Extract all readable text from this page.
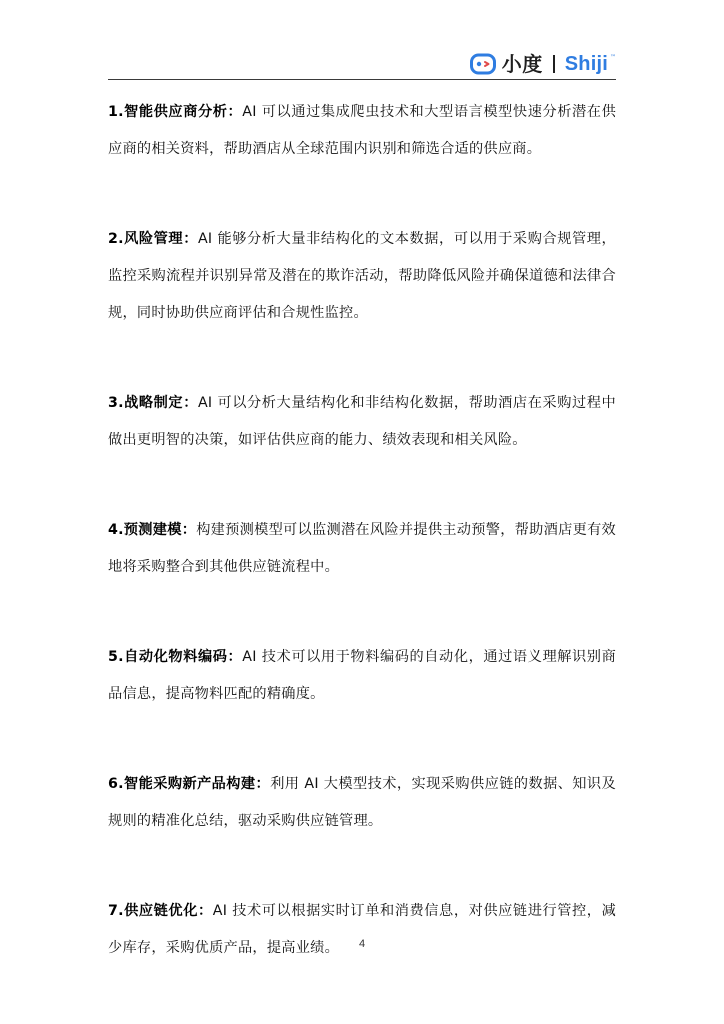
小度 Shiji ™

1.智能供应商分析：AI 可以通过集成爬虫技术和大型语言模型快速分析潜在供应商的相关资料，帮助酒店从全球范围内识别和筛选合适的供应商。

2.风险管理：AI 能够分析大量非结构化的文本数据，可以用于采购合规管理，监控采购流程并识别异常及潜在的欺诈活动，帮助降低风险并确保道德和法律合规，同时协助供应商评估和合规性监控。

3.战略制定：AI 可以分析大量结构化和非结构化数据，帮助酒店在采购过程中做出更明智的决策，如评估供应商的能力、绩效表现和相关风险。

4.预测建模：构建预测模型可以监测潜在风险并提供主动预警，帮助酒店更有效地将采购整合到其他供应链流程中。

5.自动化物料编码：AI 技术可以用于物料编码的自动化，通过语义理解识别商品信息，提高物料匹配的精确度。

6.智能采购新产品构建：利用 AI 大模型技术，实现采购供应链的数据、知识及规则的精准化总结，驱动采购供应链管理。

7.供应链优化：AI 技术可以根据实时订单和消费信息，对供应链进行管控，减少库存，采购优质产品，提高业绩。	4
